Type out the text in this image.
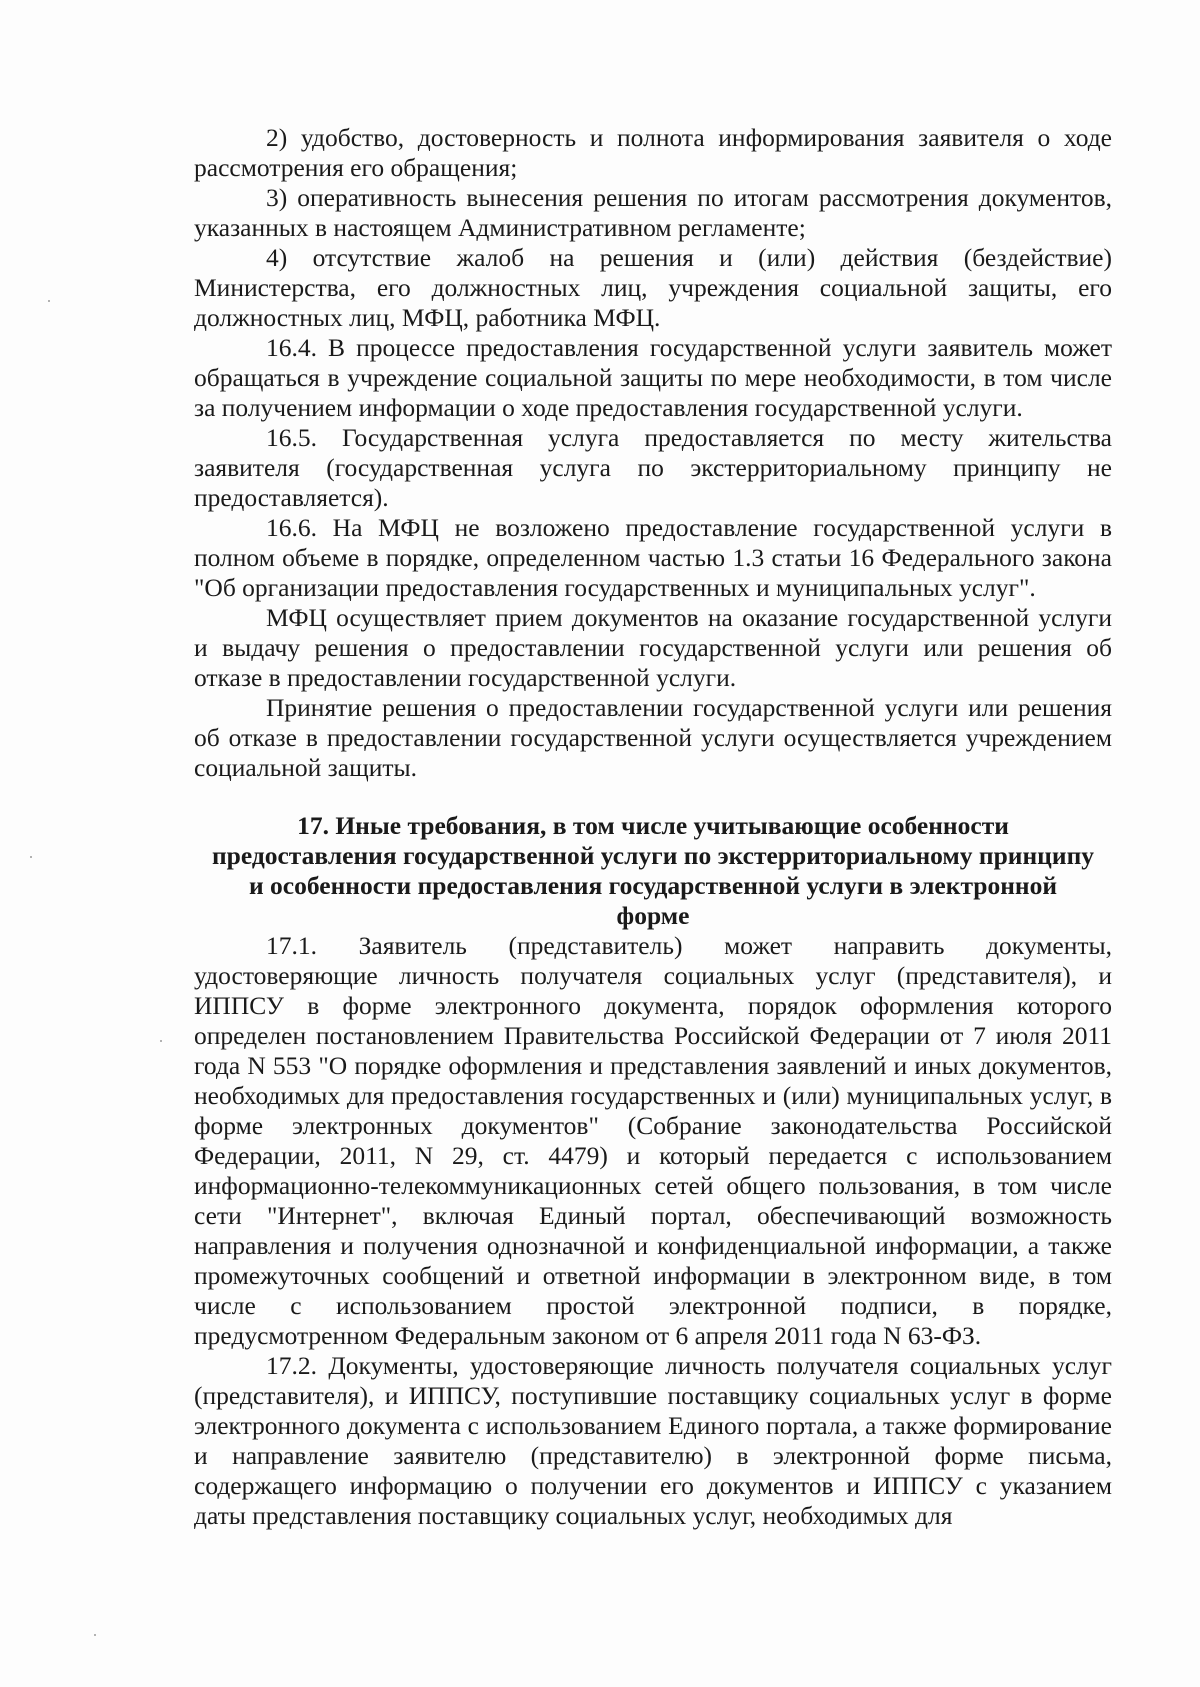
2) удобство, достоверность и полнота информирования заявителя о ходе рассмотрения его обращения;

3) оперативность вынесения решения по итогам рассмотрения документов, указанных в настоящем Административном регламенте;

4) отсутствие жалоб на решения и (или) действия (бездействие) Министерства, его должностных лиц, учреждения социальной защиты, его должностных лиц, МФЦ, работника МФЦ.

16.4. В процессе предоставления государственной услуги заявитель может обращаться в учреждение социальной защиты по мере необходимости, в том числе за получением информации о ходе предоставления государственной услуги.

16.5. Государственная услуга предоставляется по месту жительства заявителя (государственная услуга по экстерриториальному принципу не предоставляется).

16.6. На МФЦ не возложено предоставление государственной услуги в полном объеме в порядке, определенном частью 1.3 статьи 16 Федерального закона "Об организации предоставления государственных и муниципальных услуг".

МФЦ осуществляет прием документов на оказание государственной услуги и выдачу решения о предоставлении государственной услуги или решения об отказе в предоставлении государственной услуги.

Принятие решения о предоставлении государственной услуги или решения об отказе в предоставлении государственной услуги осуществляется учреждением социальной защиты.

17. Иные требования, в том числе учитывающие особенности
предоставления государственной услуги по экстерриториальному принципу
и особенности предоставления государственной услуги в электронной
форме

17.1. Заявитель (представитель) может направить документы, удостоверяющие личность получателя социальных услуг (представителя), и ИППСУ в форме электронного документа, порядок оформления которого определен постановлением Правительства Российской Федерации от 7 июля 2011 года N 553 "О порядке оформления и представления заявлений и иных документов, необходимых для предоставления государственных и (или) муниципальных услуг, в форме электронных документов" (Собрание законодательства Российской Федерации, 2011, N 29, ст. 4479) и который передается с использованием информационно-телекоммуникационных сетей общего пользования, в том числе сети "Интернет", включая Единый портал, обеспечивающий возможность направления и получения однозначной и конфиденциальной информации, а также промежуточных сообщений и ответной информации в электронном виде, в том числе с использованием простой электронной подписи, в порядке, предусмотренном Федеральным законом от 6 апреля 2011 года N 63-ФЗ.

17.2. Документы, удостоверяющие личность получателя социальных услуг (представителя), и ИППСУ, поступившие поставщику социальных услуг в форме электронного документа с использованием Единого портала, а также формирование и направление заявителю (представителю) в электронной форме письма, содержащего информацию о получении его документов и ИППСУ с указанием даты представления поставщику социальных услуг, необходимых для
